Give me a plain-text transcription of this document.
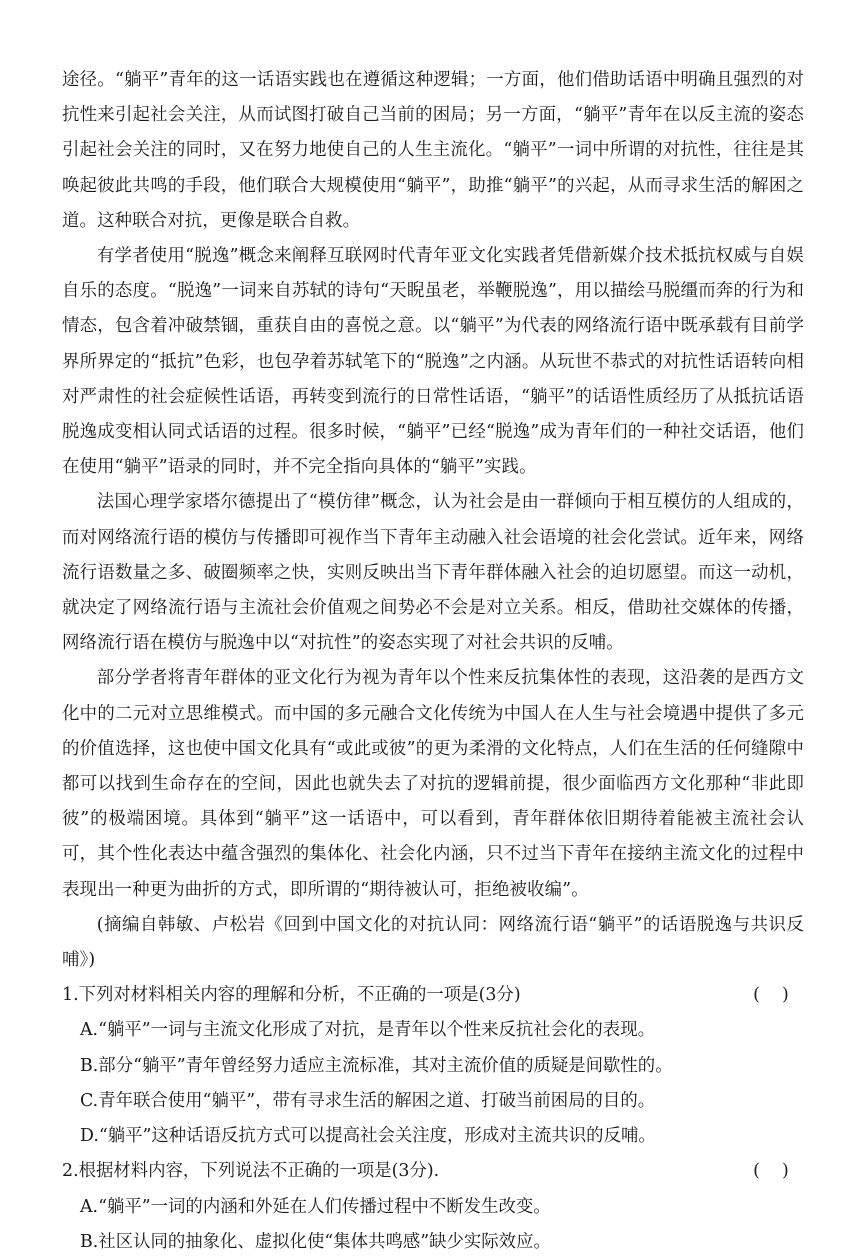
途径。“躺平”青年的这一话语实践也在遵循这种逻辑；一方面，他们借助话语中明确且强烈的对抗性来引起社会关注，从而试图打破自己当前的困局；另一方面，“躺平”青年在以反主流的姿态引起社会关注的同时，又在努力地使自己的人生主流化。“躺平”一词中所谓的对抗性，往往是其唤起彼此共鸣的手段，他们联合大规模使用“躺平”，助推“躺平”的兴起，从而寻求生活的解困之道。这种联合对抗，更像是联合自救。

有学者使用“脱逸”概念来阐释互联网时代青年亚文化实践者凭借新媒介技术抵抗权威与自娱自乐的态度。“脱逸”一词来自苏轼的诗句“天睨虽老，举鞭脱逸”，用以描绘马脱缰而奔的行为和情态，包含着冲破禁锢，重获自由的喜悦之意。以“躺平”为代表的网络流行语中既承载有目前学界所界定的“抵抗”色彩，也包孕着苏轼笔下的“脱逸”之内涵。从玩世不恭式的对抗性话语转向相对严肃性的社会症候性话语，再转变到流行的日常性话语，“躺平”的话语性质经历了从抵抗话语脱逸成变相认同式话语的过程。很多时候，“躺平”已经“脱逸”成为青年们的一种社交话语，他们在使用“躺平”语录的同时，并不完全指向具体的“躺平”实践。

法国心理学家塔尔德提出了“模仿律”概念，认为社会是由一群倾向于相互模仿的人组成的，而对网络流行语的模仿与传播即可视作当下青年主动融入社会语境的社会化尝试。近年来，网络流行语数量之多、破圈频率之快，实则反映出当下青年群体融入社会的迫切愿望。而这一动机，就决定了网络流行语与主流社会价值观之间势必不会是对立关系。相反，借助社交媒体的传播，网络流行语在模仿与脱逸中以“对抗性”的姿态实现了对社会共识的反哺。

部分学者将青年群体的亚文化行为视为青年以个性来反抗集体性的表现，这沿袭的是西方文化中的二元对立思维模式。而中国的多元融合文化传统为中国人在人生与社会境遇中提供了多元的价值选择，这也使中国文化具有“或此或彼”的更为柔滑的文化特点，人们在生活的任何缝隙中都可以找到生命存在的空间，因此也就失去了对抗的逻辑前提，很少面临西方文化那种“非此即彼”的极端困境。具体到“躺平”这一话语中，可以看到，青年群体依旧期待着能被主流社会认可，其个性化表达中蕴含强烈的集体化、社会化内涵，只不过当下青年在接纳主流文化的过程中表现出一种更为曲折的方式，即所谓的“期待被认可，拒绝被收编”。

(摘编自韩敏、卢松岩《回到中国文化的对抗认同：网络流行语“躺平”的话语脱逸与共识反哺》)

1.下列对材料相关内容的理解和分析，不正确的一项是(3分)	(    )

A.“躺平”一词与主流文化形成了对抗，是青年以个性来反抗社会化的表现。

B.部分“躺平”青年曾经努力适应主流标准，其对主流价值的质疑是间歇性的。

C.青年联合使用“躺平”，带有寻求生活的解困之道、打破当前困局的目的。

D.“躺平”这种话语反抗方式可以提高社会关注度，形成对主流共识的反哺。

2.根据材料内容，下列说法不正确的一项是(3分).	(    )

A.“躺平”一词的内涵和外延在人们传播过程中不断发生改变。

B.社区认同的抽象化、虚拟化使“集体共鸣感”缺少实际效应。
